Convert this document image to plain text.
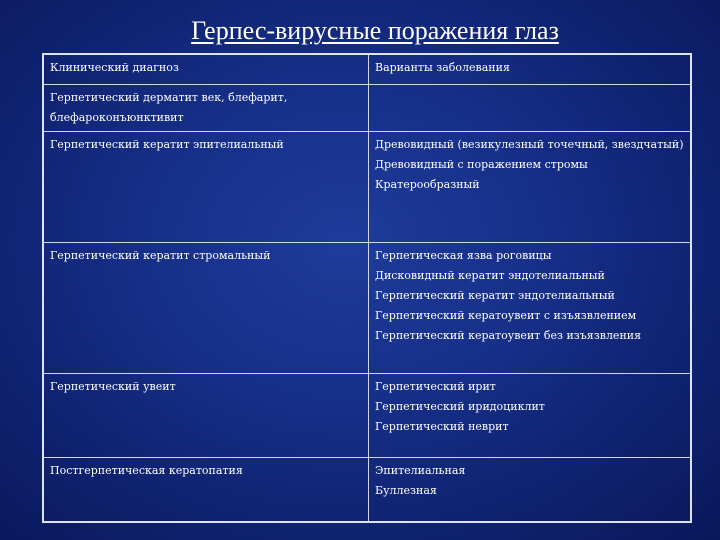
Герпес-вирусные поражения глаз
Клинический диагноз	Варианты заболевания
Герпетический дерматит век, блефарит, блефароконъюнктивит	
Герпетический кератит эпителиальный	Древовидный (везикулезный точечный, звездчатый)

Древовидный с поражением стромы

Кратерообразный

Герпетический кератит стромальный	Герпетическая язва роговицы

Дисковидный кератит эндотелиальный

Герпетический кератит эндотелиальный

Герпетический кератоувеит с изъязвлением

Герпетический кератоувеит без изъязвления

Герпетический увеит	Герпетический ирит

Герпетический иридоциклит

Герпетический неврит

Постгерпетическая кератопатия	Эпителиальная

Буллезная
